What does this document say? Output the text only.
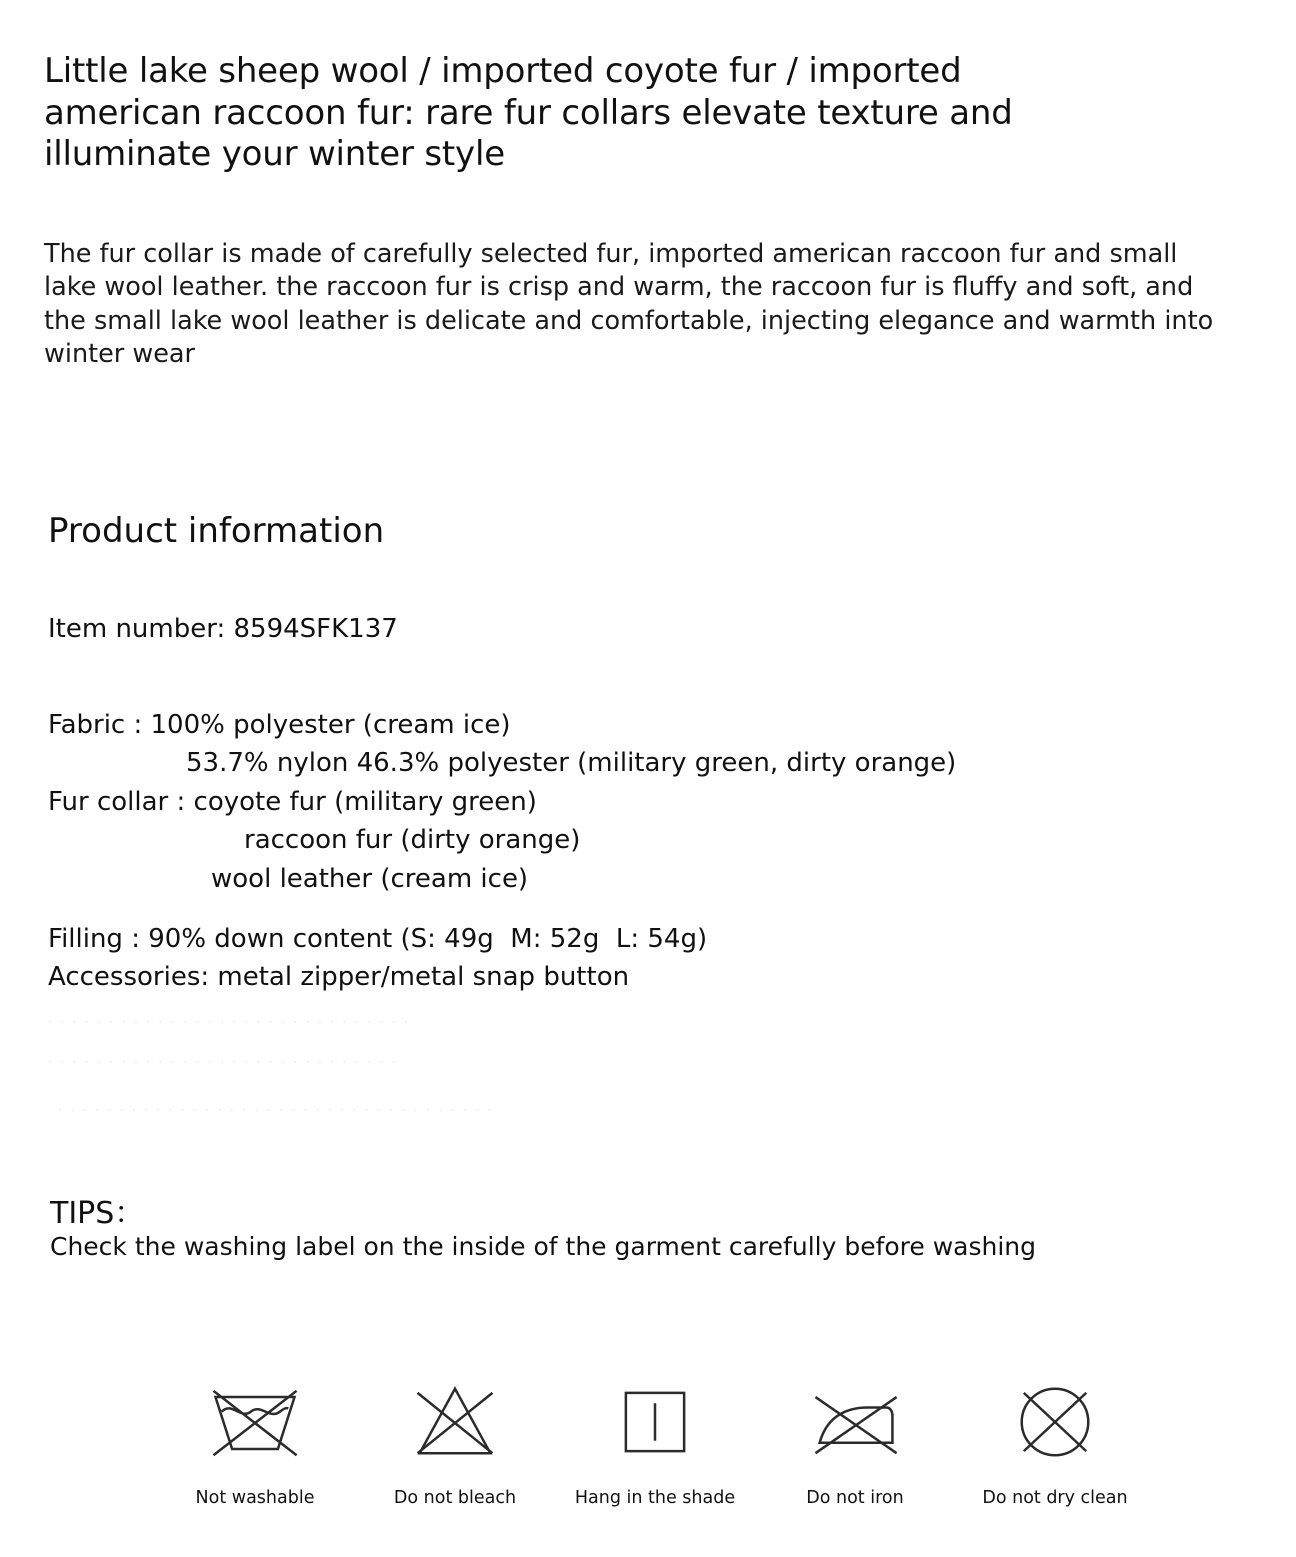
Little lake sheep wool / imported coyote fur / imported american raccoon fur: rare fur collars elevate texture and illuminate your winter style

The fur collar is made of carefully selected fur, imported american raccoon fur and small lake wool leather. the raccoon fur is crisp and warm, the raccoon fur is fluffy and soft, and the small lake wool leather is delicate and comfortable, injecting elegance and warmth into winter wear

Product information
Item number: 8594SFK137
Fabric : 100% polyester (cream ice)
53.7% nylon 46.3% polyester (military green, dirty orange)
Fur collar : coyote fur (military green)
raccoon fur (dirty orange)
wool leather (cream ice)
Filling : 90% down content (S: 49g  M: 52g  L: 54g)
Accessories: metal zipper/metal snap button
. . . . . . . . . . . . . . . . . . . . . . . . . . . . . .
. . . . . . . . . . . . . . . . . . . . . . . . . . . . .
. . . . . . . . . . . . . . . . . . . . . . . . . . . . . . . . . . . .
TIPS：
Check the washing label on the inside of the garment carefully before washing
Not washable	Do not bleach	Hang in the shade	Do not iron	Do not dry clean
